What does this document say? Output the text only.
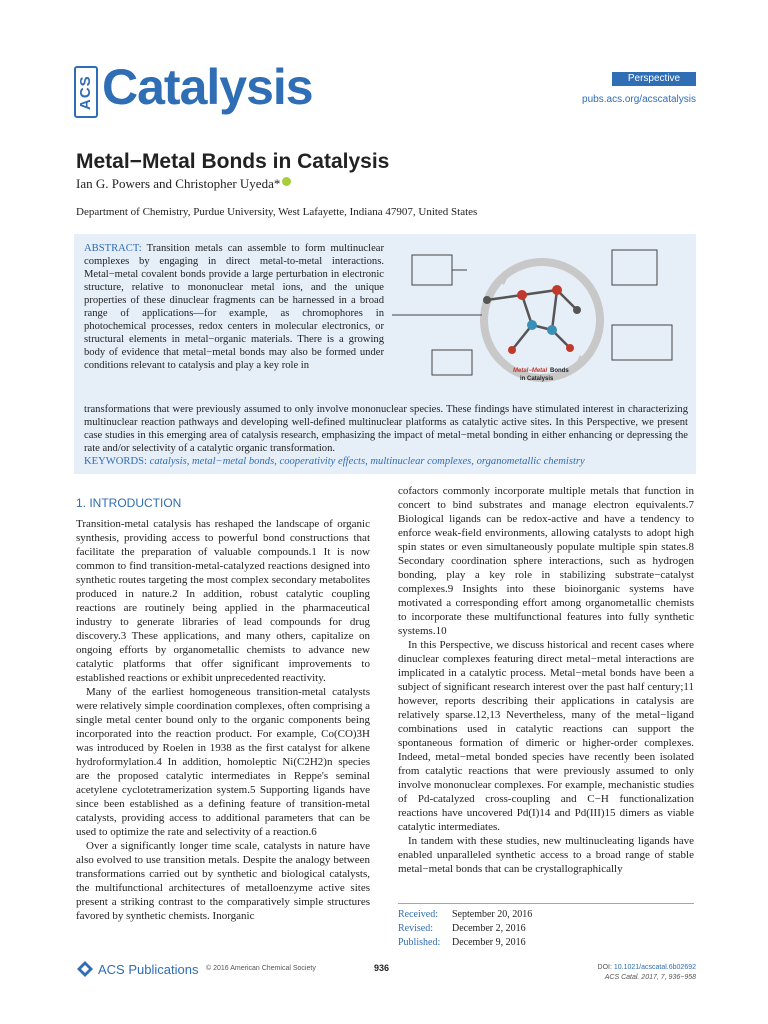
ACS Catalysis	Perspective
pubs.acs.org/acscatalysis
Metal−Metal Bonds in Catalysis
Ian G. Powers and Christopher Uyeda*
Department of Chemistry, Purdue University, West Lafayette, Indiana 47907, United States
ABSTRACT: Transition metals can assemble to form multinuclear complexes by engaging in direct metal-to-metal interactions. Metal−metal covalent bonds provide a large perturbation in electronic structure, relative to mononuclear metal ions, and the unique properties of these dinuclear fragments can be harnessed in a broad range of applications—for example, as chromophores in photochemical processes, redox centers in molecular electronics, or structural elements in metal−organic materials. There is a growing body of evidence that metal−metal bonds may also be formed under conditions relevant to catalysis and play a key role in	Metal−Metal Bonds
in Catalysis
transformations that were previously assumed to only involve mononuclear species. These findings have stimulated interest in characterizing multinuclear reaction pathways and developing well-defined multinuclear platforms as catalytic active sites. In this Perspective, we present case studies in this emerging area of catalysis research, emphasizing the impact of metal−metal bonding in either enhancing or depressing the rate and/or selectivity of a catalytic organic transformation.
KEYWORDS: catalysis, metal−metal bonds, cooperativity effects, multinuclear complexes, organometallic chemistry
1. INTRODUCTION

Transition-metal catalysis has reshaped the landscape of organic synthesis, providing access to powerful bond constructions that facilitate the preparation of valuable compounds.1 It is now common to find transition-metal-catalyzed reactions designed into synthetic routes targeting the most complex secondary metabolites produced in nature.2 In addition, robust catalytic coupling reactions are routinely being applied in the pharmaceutical industry to generate libraries of lead compounds for drug discovery.3 These applications, and many others, capitalize on ongoing efforts by organometallic chemists to advance new catalytic platforms that offer significant improvements to established reactions or exhibit unprecedented reactivity.

Many of the earliest homogeneous transition-metal catalysts were relatively simple coordination complexes, often comprising a single metal center bound only to the organic components being incorporated into the reaction product. For example, Co(CO)3H was introduced by Roelen in 1938 as the first catalyst for alkene hydroformylation.4 In addition, homoleptic Ni(C2H2)n species are the proposed catalytic intermediates in Reppe's seminal acetylene cyclotetramerization system.5 Supporting ligands have since been established as a defining feature of transition-metal catalysts, providing access to additional parameters that can be used to optimize the rate and selectivity of a reaction.6

Over a significantly longer time scale, catalysts in nature have also evolved to use transition metals. Despite the analogy between transformations carried out by synthetic and biological catalysts, the multifunctional architectures of metalloenzyme active sites present a striking contrast to the comparatively simple structures favored by synthetic chemists. Inorganic

cofactors commonly incorporate multiple metals that function in concert to bind substrates and manage electron equivalents.7 Biological ligands can be redox-active and have a tendency to enforce weak-field environments, allowing catalysts to adopt high spin states or even simultaneously populate multiple spin states.8 Secondary coordination sphere interactions, such as hydrogen bonding, play a key role in stabilizing substrate−catalyst complexes.9 Insights into these bioinorganic systems have motivated a corresponding effort among organometallic chemists to incorporate these multifunctional features into fully synthetic systems.10

In this Perspective, we discuss historical and recent cases where dinuclear complexes featuring direct metal−metal interactions are implicated in a catalytic process. Metal−metal bonds have been a subject of significant research interest over the past half century;11 however, reports describing their applications in catalysis are relatively sparse.12,13 Nevertheless, many of the metal−ligand combinations used in catalytic reactions can support the spontaneous formation of dimeric or higher-order complexes. Indeed, metal−metal bonded species have recently been isolated from catalytic reactions that were previously assumed to only involve mononuclear complexes. For example, mechanistic studies of Pd-catalyzed cross-coupling and C−H functionalization reactions have uncovered Pd(I)14 and Pd(III)15 dimers as viable catalytic intermediates.

In tandem with these studies, new multinucleating ligands have enabled unparalleled synthetic access to a broad range of stable metal−metal bonds that can be crystallographically

Received: September 20, 2016
Revised: December 2, 2016
Published: December 9, 2016
ACS Publications © 2016 American Chemical Society	936	DOI: 10.1021/acscatal.6b02692
ACS Catal. 2017, 7, 936−958
